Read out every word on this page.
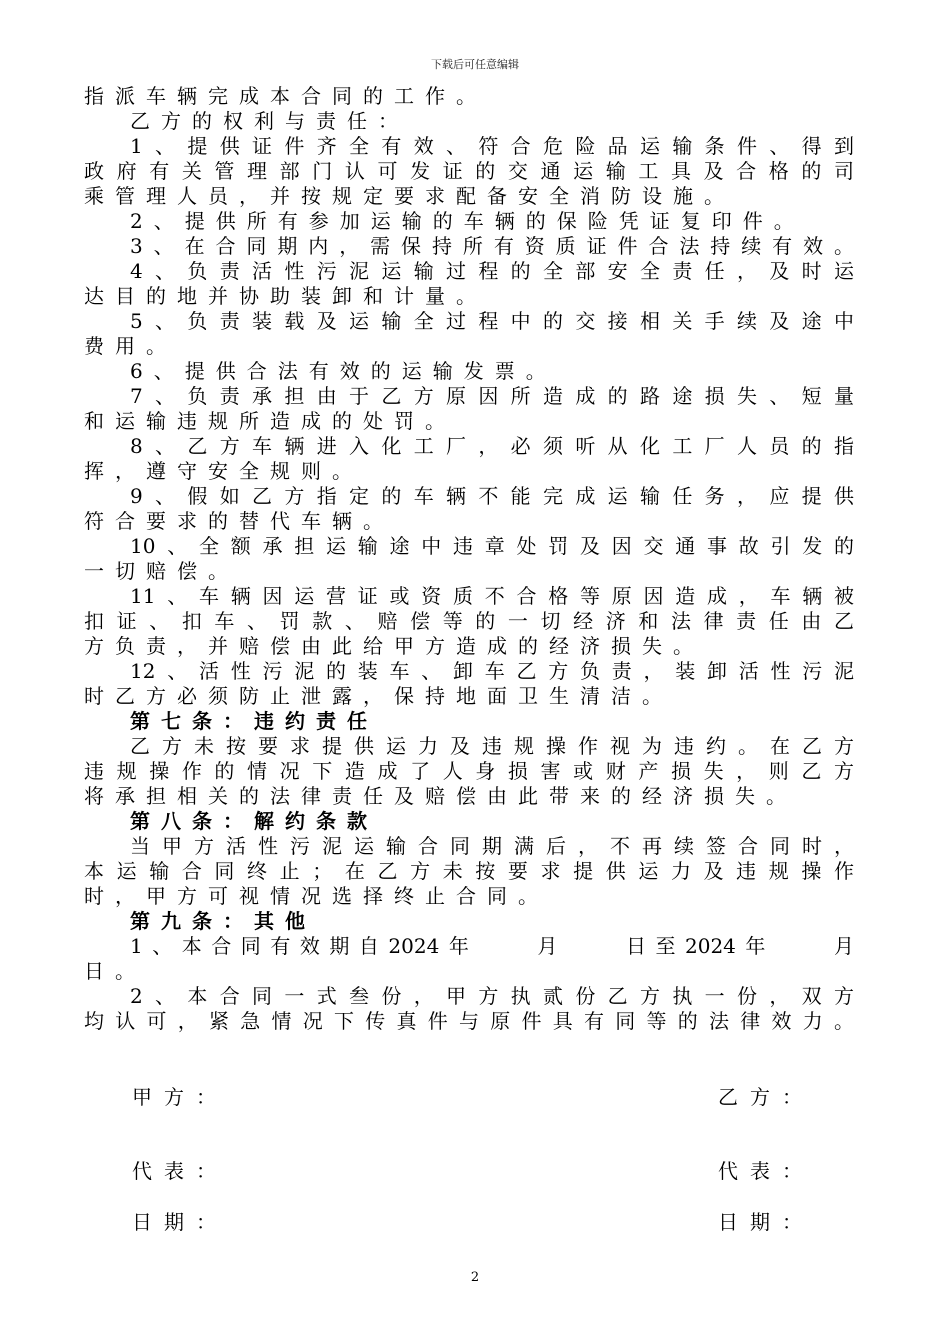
下载后可任意编辑
指派车辆完成本合同的工作。
乙方的权利与责任：
1、提供证件齐全有效、符合危险品运输条件、得到
政府有关管理部门认可发证的交通运输工具及合格的司
乘管理人员，并按规定要求配备安全消防设施。
2、提供所有参加运输的车辆的保险凭证复印件。
3、在合同期内，需保持所有资质证件合法持续有效。
4、负责活性污泥运输过程的全部安全责任，及时运
达目的地并协助装卸和计量。
5、负责装载及运输全过程中的交接相关手续及途中
费用。
6、提供合法有效的运输发票。
7、负责承担由于乙方原因所造成的路途损失、短量
和运输违规所造成的处罚。
8、乙方车辆进入化工厂，必须听从化工厂人员的指
挥，遵守安全规则。
9、假如乙方指定的车辆不能完成运输任务，应提供
符合要求的替代车辆。
10、全额承担运输途中违章处罚及因交通事故引发的
一切赔偿。
11、车辆因运营证或资质不合格等原因造成，车辆被
扣证、扣车、罚款、赔偿等的一切经济和法律责任由乙
方负责，并赔偿由此给甲方造成的经济损失。
12、活性污泥的装车、卸车乙方负责，装卸活性污泥
时乙方必须防止泄露，保持地面卫生清洁。
第七条：违约责任
乙方未按要求提供运力及违规操作视为违约。在乙方
违规操作的情况下造成了人身损害或财产损失，则乙方
将承担相关的法律责任及赔偿由此带来的经济损失。
第八条：解约条款
当甲方活性污泥运输合同期满后，不再续签合同时，
本运输合同终止；在乙方未按要求提供运力及违规操作
时，甲方可视情况选择终止合同。
第九条：其他
1、本合同有效期自2024年　　月　　日至2024年　　月
日。
2、本合同一式叁份，甲方执贰份乙方执一份，双方
均认可，紧急情况下传真件与原件具有同等的法律效力。
甲方：	乙方：
代表：	代表：
日期：	日期：
2
